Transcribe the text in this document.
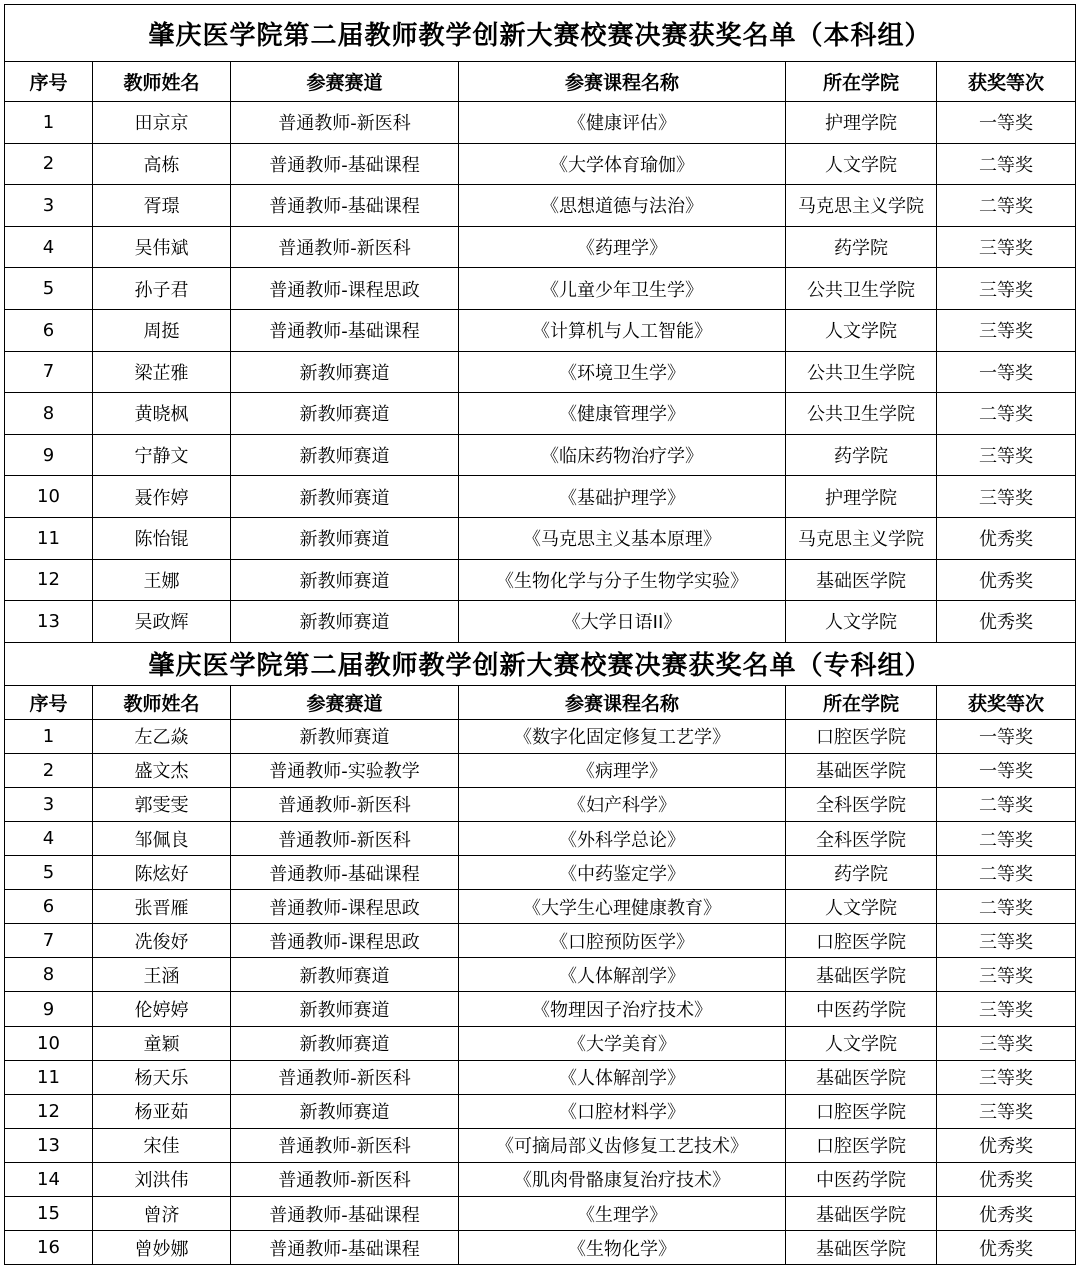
肇庆医学院第二届教师教学创新大赛校赛决赛获奖名单（本科组）					
序号	教师姓名	参赛赛道	参赛课程名称	所在学院	获奖等次
1	田京京	普通教师-新医科	《健康评估》	护理学院	一等奖
2	高栋	普通教师-基础课程	《大学体育瑜伽》	人文学院	二等奖
3	胥璟	普通教师-基础课程	《思想道德与法治》	马克思主义学院	二等奖
4	吴伟斌	普通教师-新医科	《药理学》	药学院	三等奖
5	孙子君	普通教师-课程思政	《儿童少年卫生学》	公共卫生学院	三等奖
6	周挺	普通教师-基础课程	《计算机与人工智能》	人文学院	三等奖
7	梁芷雅	新教师赛道	《环境卫生学》	公共卫生学院	一等奖
8	黄晓枫	新教师赛道	《健康管理学》	公共卫生学院	二等奖
9	宁静文	新教师赛道	《临床药物治疗学》	药学院	三等奖
10	聂作婷	新教师赛道	《基础护理学》	护理学院	三等奖
11	陈怡锟	新教师赛道	《马克思主义基本原理》	马克思主义学院	优秀奖
12	王娜	新教师赛道	《生物化学与分子生物学实验》	基础医学院	优秀奖
13	吴政辉	新教师赛道	《大学日语II》	人文学院	优秀奖
肇庆医学院第二届教师教学创新大赛校赛决赛获奖名单（专科组）					
序号	教师姓名	参赛赛道	参赛课程名称	所在学院	获奖等次
1	左乙焱	新教师赛道	《数字化固定修复工艺学》	口腔医学院	一等奖
2	盛文杰	普通教师-实验教学	《病理学》	基础医学院	一等奖
3	郭雯雯	普通教师-新医科	《妇产科学》	全科医学院	二等奖
4	邹佩良	普通教师-新医科	《外科学总论》	全科医学院	二等奖
5	陈炫好	普通教师-基础课程	《中药鉴定学》	药学院	二等奖
6	张晋雁	普通教师-课程思政	《大学生心理健康教育》	人文学院	二等奖
7	冼俊妤	普通教师-课程思政	《口腔预防医学》	口腔医学院	三等奖
8	王涵	新教师赛道	《人体解剖学》	基础医学院	三等奖
9	伦婷婷	新教师赛道	《物理因子治疗技术》	中医药学院	三等奖
10	童颖	新教师赛道	《大学美育》	人文学院	三等奖
11	杨天乐	普通教师-新医科	《人体解剖学》	基础医学院	三等奖
12	杨亚茹	新教师赛道	《口腔材料学》	口腔医学院	三等奖
13	宋佳	普通教师-新医科	《可摘局部义齿修复工艺技术》	口腔医学院	优秀奖
14	刘洪伟	普通教师-新医科	《肌肉骨骼康复治疗技术》	中医药学院	优秀奖
15	曾济	普通教师-基础课程	《生理学》	基础医学院	优秀奖
16	曾妙娜	普通教师-基础课程	《生物化学》	基础医学院	优秀奖
